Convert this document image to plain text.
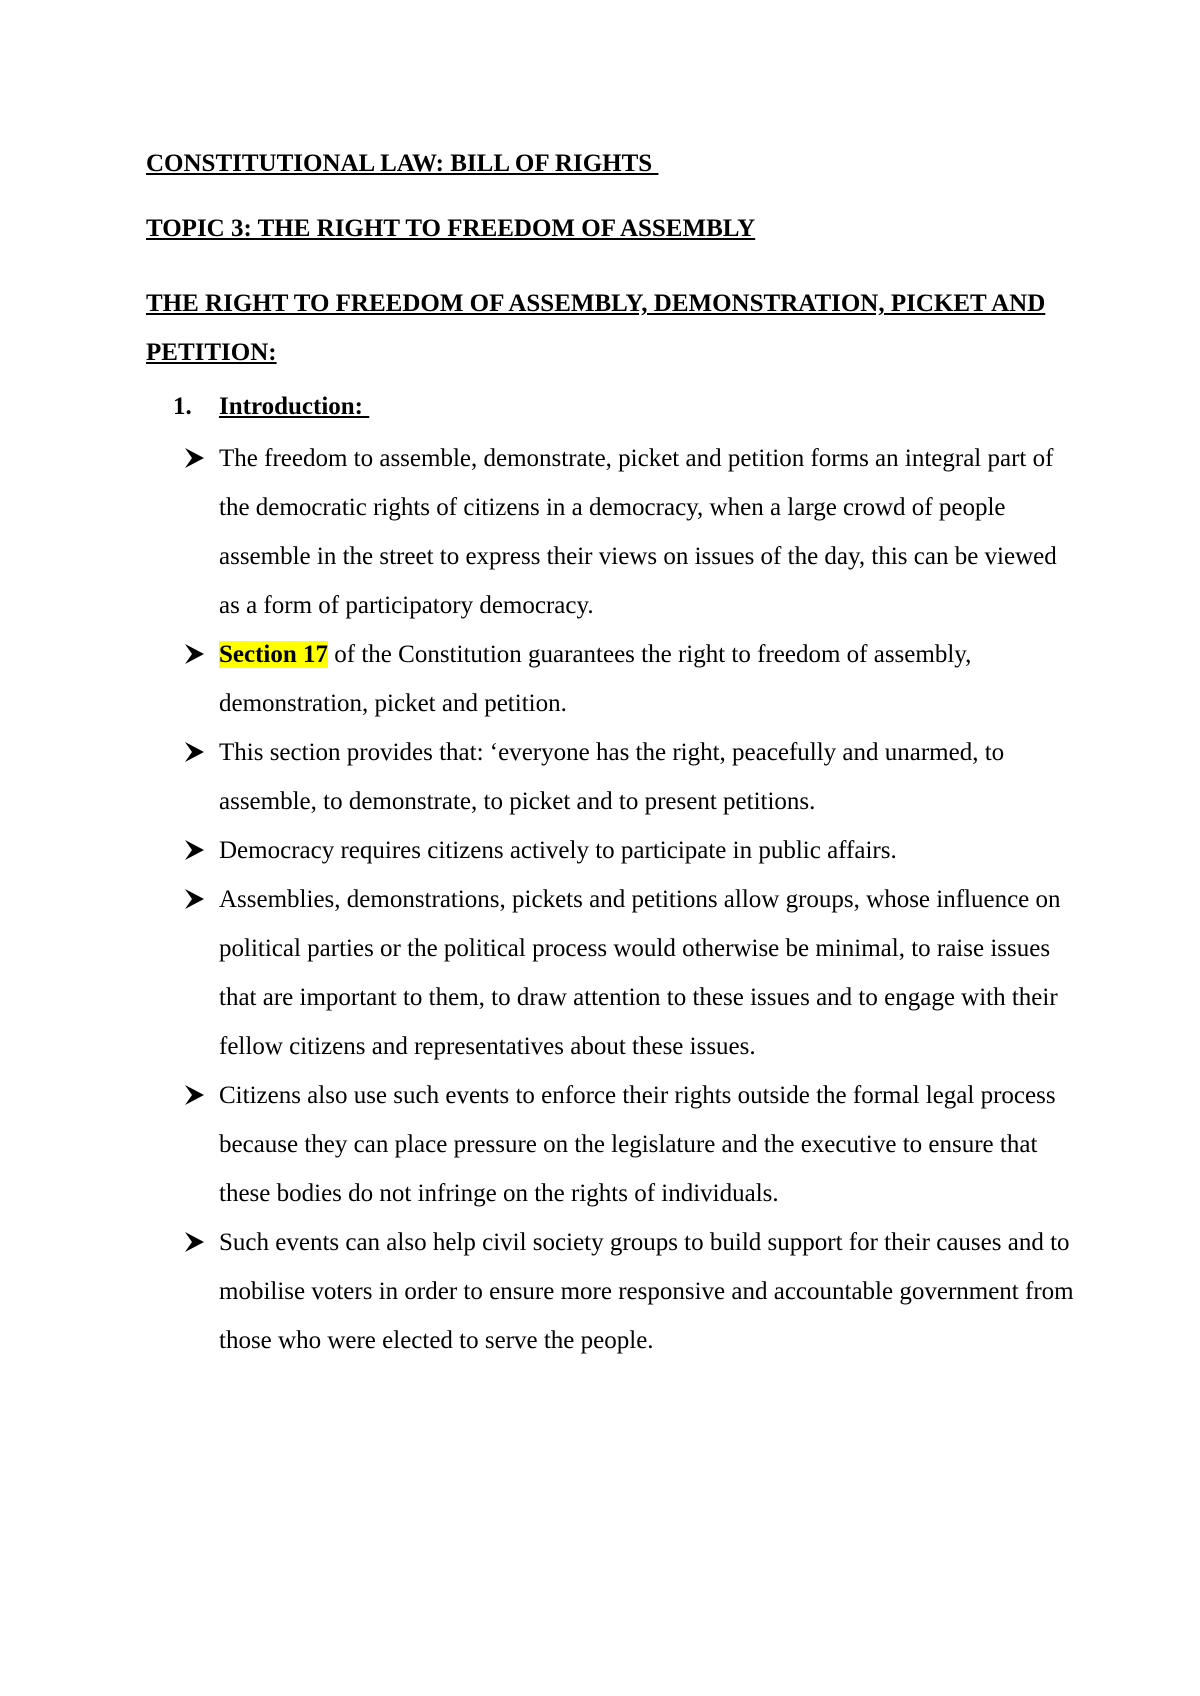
CONSTITUTIONAL LAW: BILL OF RIGHTS
TOPIC 3: THE RIGHT TO FREEDOM OF ASSEMBLY
THE RIGHT TO FREEDOM OF ASSEMBLY, DEMONSTRATION, PICKET AND PETITION:
1. Introduction:
The freedom to assemble, demonstrate, picket and petition forms an integral part of the democratic rights of citizens in a democracy, when a large crowd of people assemble in the street to express their views on issues of the day, this can be viewed as a form of participatory democracy.
Section 17 of the Constitution guarantees the right to freedom of assembly, demonstration, picket and petition.
This section provides that: ‘everyone has the right, peacefully and unarmed, to assemble, to demonstrate, to picket and to present petitions.
Democracy requires citizens actively to participate in public affairs.
Assemblies, demonstrations, pickets and petitions allow groups, whose influence on political parties or the political process would otherwise be minimal, to raise issues that are important to them, to draw attention to these issues and to engage with their fellow citizens and representatives about these issues.
Citizens also use such events to enforce their rights outside the formal legal process because they can place pressure on the legislature and the executive to ensure that these bodies do not infringe on the rights of individuals.
Such events can also help civil society groups to build support for their causes and to mobilise voters in order to ensure more responsive and accountable government from those who were elected to serve the people.
